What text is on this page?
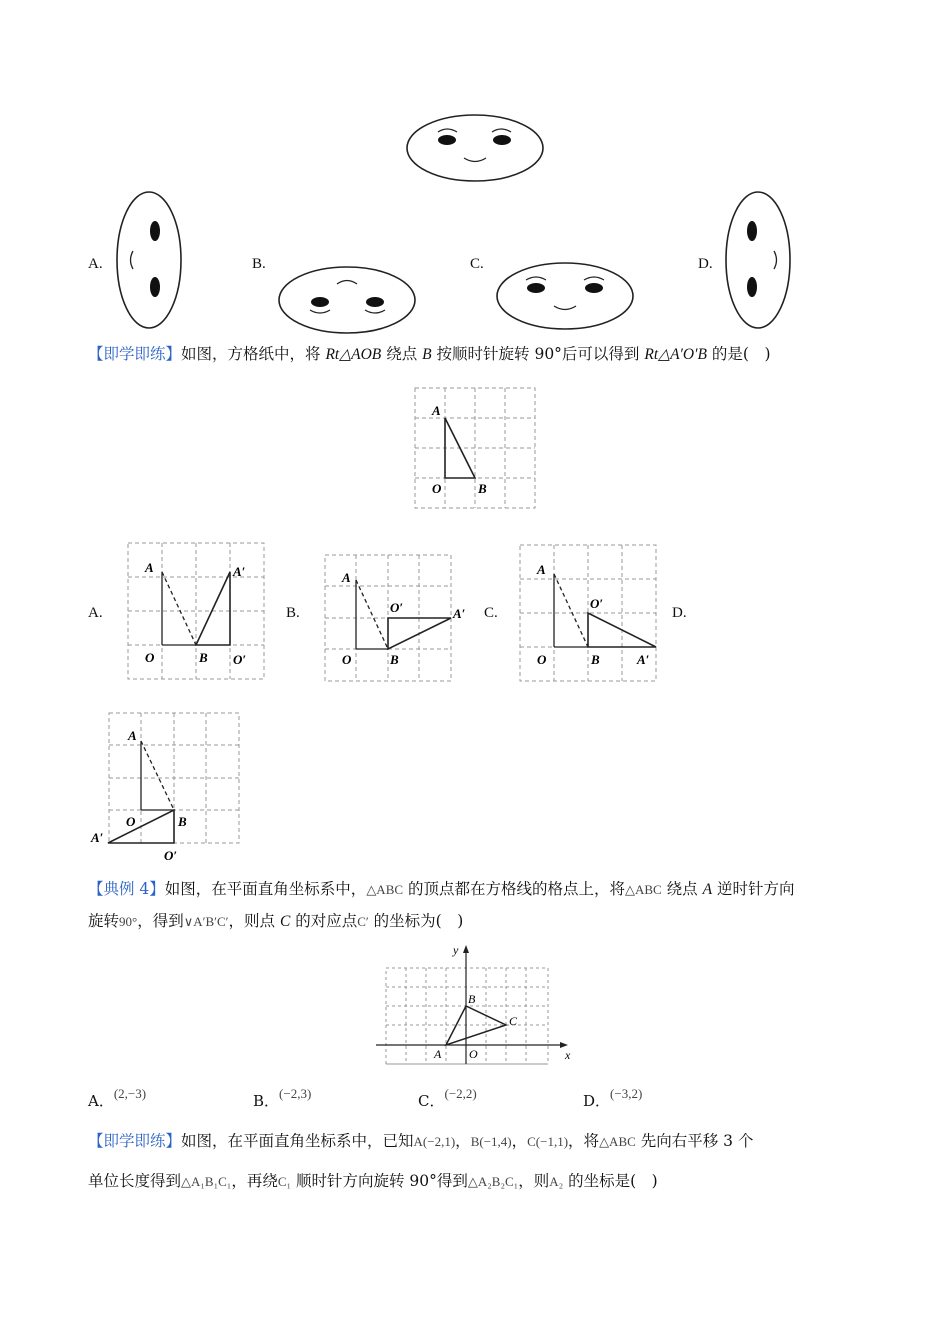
A.	B.	C.	D.
【即学即练】如图，方格纸中，将 Rt△AOB 绕点 B 按顺时针旋转 90°后可以得到 Rt△A′O′B 的是(　)
A
O	B
A.
A	A′
O	B O′
B.
A
O′	A′
O	B
C.
A
O′
O	B	A′
D.
A
O	B
A′
O′
【典例 4】如图，在平面直角坐标系中，△ABC 的顶点都在方格线的格点上，将△ABC 绕点 A 逆时针方向
旋转90°，得到∨A′B′C′，则点 C 的对应点C′ 的坐标为(　)
y
x
O
A
B
C
A．(2,−3)	B．(−2,3)	C．(−2,2)	D．(−3,2)
【即学即练】如图，在平面直角坐标系中，已知A(−2,1)，B(−1,4)，C(−1,1)，将△ABC 先向右平移 3 个
单位长度得到△A₁B₁C₁，再绕C₁ 顺时针方向旋转 90°得到△A₂B₂C₁，则A₂ 的坐标是(　)
